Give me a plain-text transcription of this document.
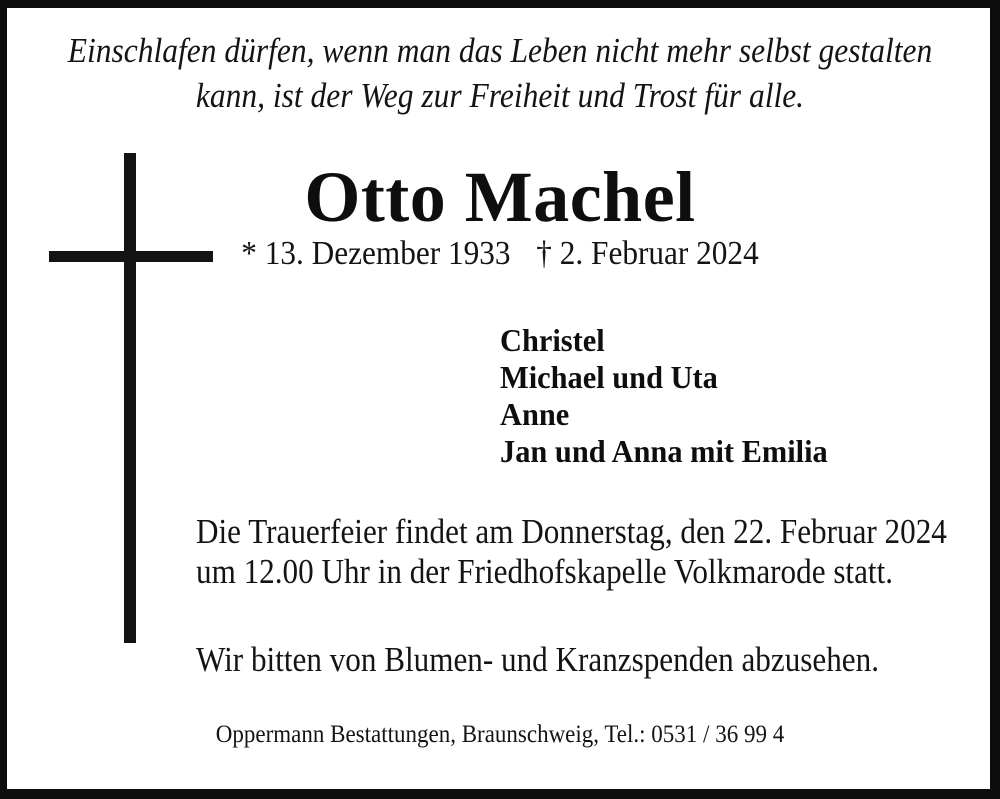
Einschlafen dürfen, wenn man das Leben nicht mehr selbst gestalten
kann, ist der Weg zur Freiheit und Trost für alle.
Otto Machel
* 13. Dezember 1933 † 2. Februar 2024
Christel
Michael und Uta
Anne
Jan und Anna mit Emilia
Die Trauerfeier findet am Donnerstag, den 22. Februar 2024
um 12.00 Uhr in der Friedhofskapelle Volkmarode statt.
Wir bitten von Blumen- und Kranzspenden abzusehen.
Oppermann Bestattungen, Braunschweig, Tel.: 0531 / 36 99 4
